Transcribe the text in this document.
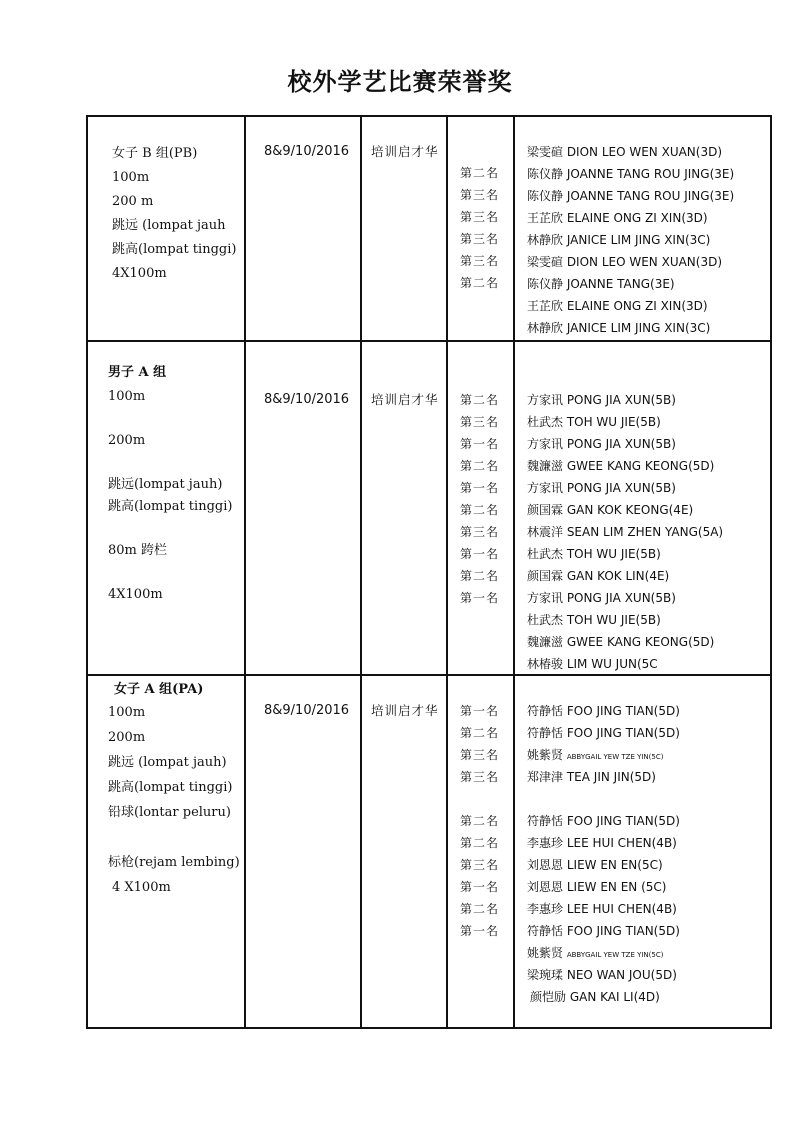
校外学艺比赛荣誉奖
女子 B 组(PB)
100m
200 m
跳远 (lompat jauh
跳高(lompat tinggi)
4X100m
8&9/10/2016 培训启才华
第二名
第三名
第三名
第三名
第三名
第二名
梁雯碹 DION LEO WEN XUAN(3D)
陈仪静 JOANNE TANG ROU JING(3E)
陈仪静 JOANNE TANG ROU JING(3E)
王芷欣 ELAINE ONG ZI XIN(3D)
林静欣 JANICE LIM JING XIN(3C)
梁雯碹 DION LEO WEN XUAN(3D)
陈仪静 JOANNE TANG(3E)
王芷欣 ELAINE ONG ZI XIN(3D)
林静欣 JANICE LIM JING XIN(3C)
男子 A 组
100m
200m
跳远(lompat jauh)
跳高(lompat tinggi)
80m 跨栏
4X100m
8&9/10/2016 培训启才华 第二名
第三名
第一名
第二名
第一名
第二名
第三名
第一名
第二名
第一名
方家讯 PONG JIA XUN(5B)
杜武杰 TOH WU JIE(5B)
方家讯 PONG JIA XUN(5B)
魏濂滋 GWEE KANG KEONG(5D)
方家讯 PONG JIA XUN(5B)
颜国霖 GAN KOK KEONG(4E)
林震洋 SEAN LIM ZHEN YANG(5A)
杜武杰 TOH WU JIE(5B)
颜国霖 GAN KOK LIN(4E)
方家讯 PONG JIA XUN(5B)
杜武杰 TOH WU JIE(5B)
魏濂滋 GWEE KANG KEONG(5D)
林椿骏 LIM WU JUN(5C
女子 A 组(PA)
100m
200m
跳远 (lompat jauh)
跳高(lompat tinggi)
铅球(lontar peluru)
标枪(rejam lembing)
4 X100m
8&9/10/2016 培训启才华 第一名
第二名
第三名
第三名
第二名
第二名
第三名
第一名
第二名
第一名
符静恬 FOO JING TIAN(5D)
符静恬 FOO JING TIAN(5D)
姚紫贤 ABBYGAIL YEW TZE YIN(5C)
郑津津 TEA JIN JIN(5D)
符静恬 FOO JING TIAN(5D)
李惠珍 LEE HUI CHEN(4B)
刘恩恩 LIEW EN EN(5C)
刘恩恩 LIEW EN EN (5C)
李惠珍 LEE HUI CHEN(4B)
符静恬 FOO JING TIAN(5D)
姚紫贤 ABBYGAIL YEW TZE YIN(5C)
梁琬瑈 NEO WAN JOU(5D)
颜恺励 GAN KAI LI(4D)
